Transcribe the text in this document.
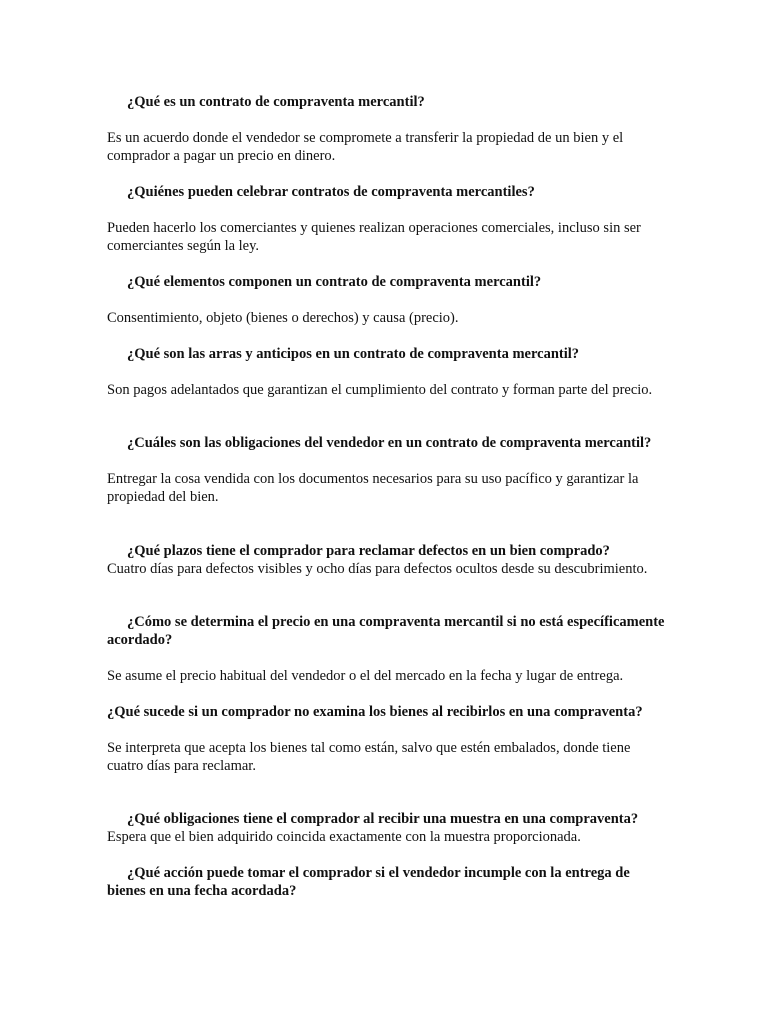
¿Qué es un contrato de compraventa mercantil?

Es un acuerdo donde el vendedor se compromete a transferir la propiedad de un bien y el comprador a pagar un precio en dinero.

¿Quiénes pueden celebrar contratos de compraventa mercantiles?

Pueden hacerlo los comerciantes y quienes realizan operaciones comerciales, incluso sin ser comerciantes según la ley.

¿Qué elementos componen un contrato de compraventa mercantil?

Consentimiento, objeto (bienes o derechos) y causa (precio).

¿Qué son las arras y anticipos en un contrato de compraventa mercantil?

Son pagos adelantados que garantizan el cumplimiento del contrato y forman parte del precio.

¿Cuáles son las obligaciones del vendedor en un contrato de compraventa mercantil?

Entregar la cosa vendida con los documentos necesarios para su uso pacífico y garantizar la propiedad del bien.

¿Qué plazos tiene el comprador para reclamar defectos en un bien comprado?

Cuatro días para defectos visibles y ocho días para defectos ocultos desde su descubrimiento.

¿Cómo se determina el precio en una compraventa mercantil si no está específicamente acordado?

Se asume el precio habitual del vendedor o el del mercado en la fecha y lugar de entrega.

¿Qué sucede si un comprador no examina los bienes al recibirlos en una compraventa?

Se interpreta que acepta los bienes tal como están, salvo que estén embalados, donde tiene cuatro días para reclamar.

¿Qué obligaciones tiene el comprador al recibir una muestra en una compraventa?

Espera que el bien adquirido coincida exactamente con la muestra proporcionada.

¿Qué acción puede tomar el comprador si el vendedor incumple con la entrega de bienes en una fecha acordada?
